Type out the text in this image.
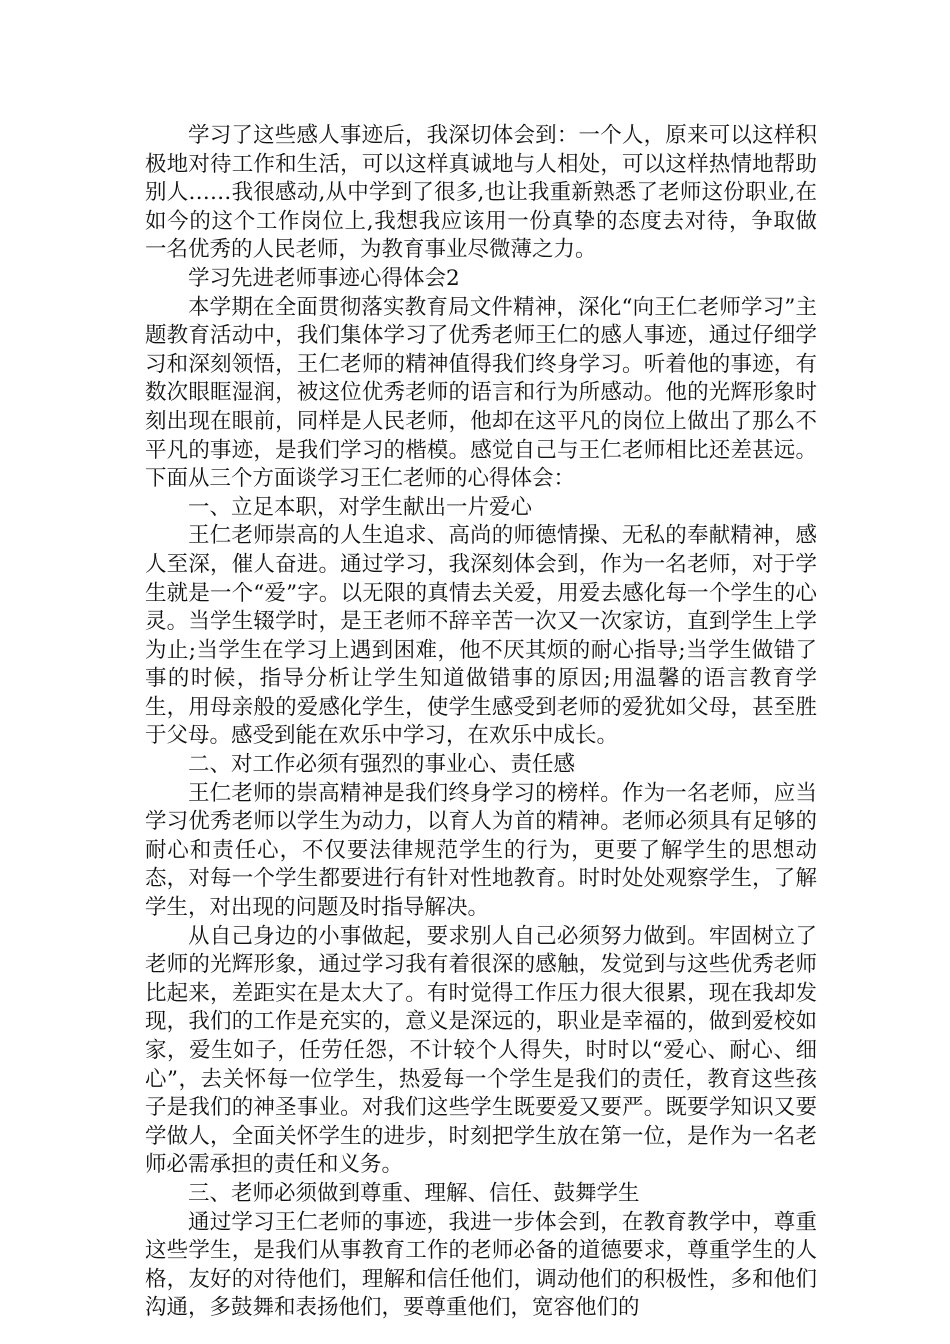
学习了这些感人事迹后，我深切体会到：一个人，原来可以这样积极地对待工作和生活，可以这样真诚地与人相处，可以这样热情地帮助别人……我很感动,从中学到了很多,也让我重新熟悉了老师这份职业,在如今的这个工作岗位上,我想我应该用一份真挚的态度去对待，争取做一名优秀的人民老师，为教育事业尽微薄之力。

学习先进老师事迹心得体会2

本学期在全面贯彻落实教育局文件精神，深化“向王仁老师学习”主题教育活动中，我们集体学习了优秀老师王仁的感人事迹，通过仔细学习和深刻领悟，王仁老师的精神值得我们终身学习。听着他的事迹，有数次眼眶湿润，被这位优秀老师的语言和行为所感动。他的光辉形象时刻出现在眼前，同样是人民老师，他却在这平凡的岗位上做出了那么不平凡的事迹，是我们学习的楷模。感觉自己与王仁老师相比还差甚远。下面从三个方面谈学习王仁老师的心得体会：

一、立足本职，对学生献出一片爱心

王仁老师崇高的人生追求、高尚的师德情操、无私的奉献精神，感人至深，催人奋进。通过学习，我深刻体会到，作为一名老师，对于学生就是一个“爱”字。以无限的真情去关爱，用爱去感化每一个学生的心灵。当学生辍学时，是王老师不辞辛苦一次又一次家访，直到学生上学为止;当学生在学习上遇到困难，他不厌其烦的耐心指导;当学生做错了事的时候，指导分析让学生知道做错事的原因;用温馨的语言教育学生，用母亲般的爱感化学生，使学生感受到老师的爱犹如父母，甚至胜于父母。感受到能在欢乐中学习，在欢乐中成长。

二、对工作必须有强烈的事业心、责任感

王仁老师的崇高精神是我们终身学习的榜样。作为一名老师，应当学习优秀老师以学生为动力，以育人为首的精神。老师必须具有足够的耐心和责任心，不仅要法律规范学生的行为，更要了解学生的思想动态，对每一个学生都要进行有针对性地教育。时时处处观察学生，了解学生，对出现的问题及时指导解决。

从自己身边的小事做起，要求别人自己必须努力做到。牢固树立了老师的光辉形象，通过学习我有着很深的感触，发觉到与这些优秀老师比起来，差距实在是太大了。有时觉得工作压力很大很累，现在我却发现，我们的工作是充实的，意义是深远的，职业是幸福的，做到爱校如家，爱生如子，任劳任怨，不计较个人得失，时时以“爱心、耐心、细心”，去关怀每一位学生，热爱每一个学生是我们的责任，教育这些孩子是我们的神圣事业。对我们这些学生既要爱又要严。既要学知识又要学做人，全面关怀学生的进步，时刻把学生放在第一位，是作为一名老师必需承担的责任和义务。

三、老师必须做到尊重、理解、信任、鼓舞学生

通过学习王仁老师的事迹，我进一步体会到，在教育教学中，尊重这些学生，是我们从事教育工作的老师必备的道德要求，尊重学生的人格，友好的对待他们，理解和信任他们，调动他们的积极性，多和他们沟通，多鼓舞和表扬他们，要尊重他们，宽容他们的
